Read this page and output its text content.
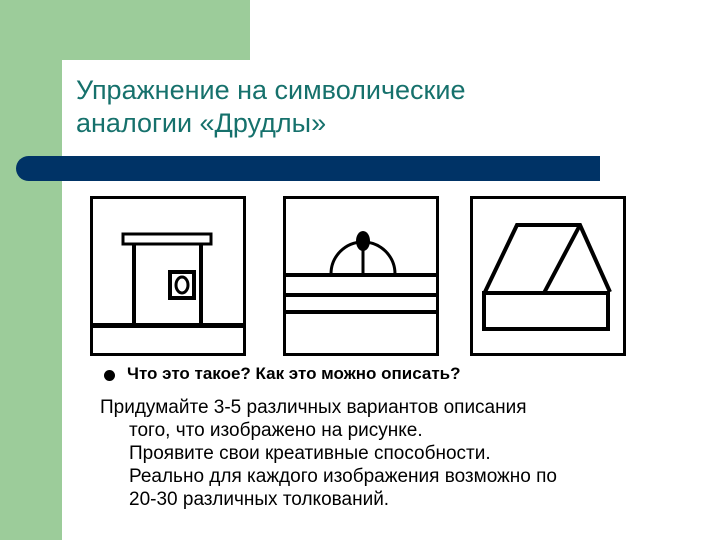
Упражнение на символические
аналогии «Друдлы»
Что это такое? Как это можно описать?
Придумайте 3-5 различных вариантов описания
того, что изображено на рисунке.
Проявите свои креативные способности.
Реально для каждого изображения возможно по
20-30 различных толкований.
